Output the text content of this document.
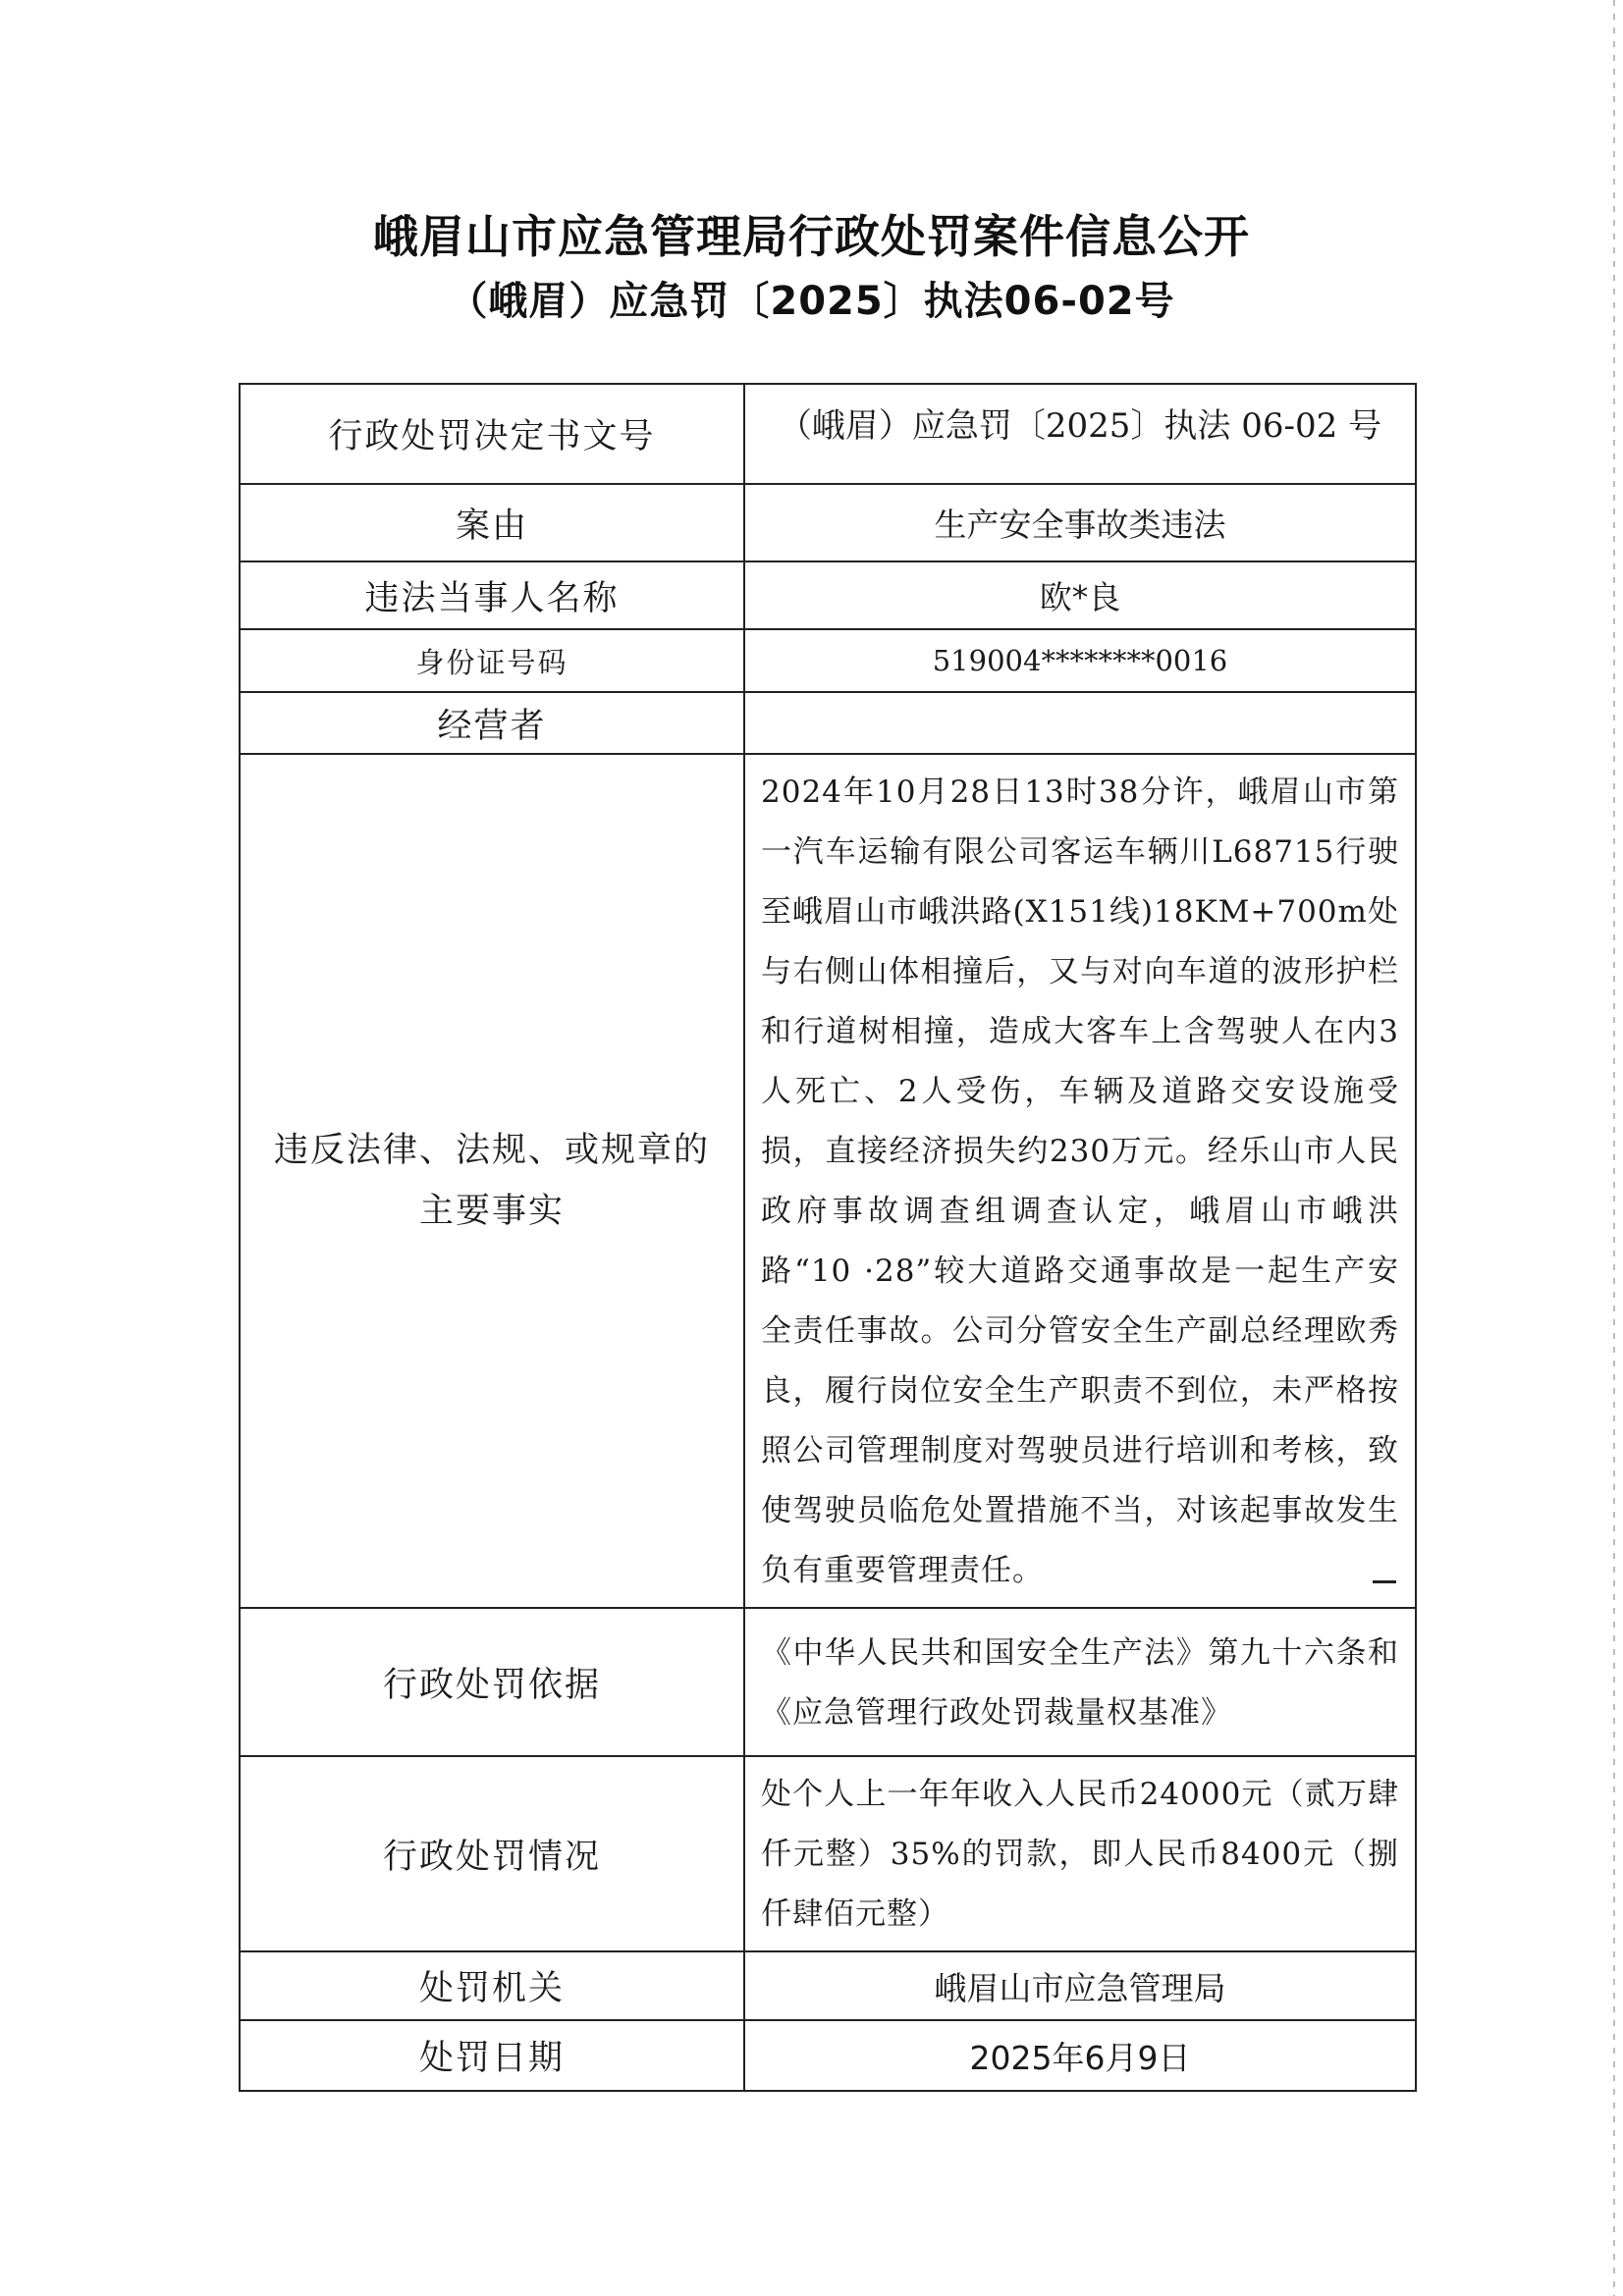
峨眉山市应急管理局行政处罚案件信息公开
（峨眉）应急罚〔2025〕执法06-02号
行政处罚决定书文号	（峨眉）应急罚〔2025〕执法 06-02 号
案由	生产安全事故类违法
违法当事人名称	欧*良
身份证号码	519004********0016
经营者	
违反法律、法规、或规章的主要事实	2024年10月28日13时38分许，峨眉山市第一汽车运输有限公司客运车辆川L68715行驶至峨眉山市峨洪路(X151线)18KM+700m处与右侧山体相撞后，又与对向车道的波形护栏和行道树相撞，造成大客车上含驾驶人在内3人死亡、2人受伤，车辆及道路交安设施受损，直接经济损失约230万元。经乐山市人民政府事故调查组调查认定，峨眉山市峨洪路“10 ·28”较大道路交通事故是一起生产安全责任事故。公司分管安全生产副总经理欧秀良，履行岗位安全生产职责不到位，未严格按照公司管理制度对驾驶员进行培训和考核，致使驾驶员临危处置措施不当，对该起事故发生负有重要管理责任。
行政处罚依据	《中华人民共和国安全生产法》第九十六条和《应急管理行政处罚裁量权基准》
行政处罚情况	处个人上一年年收入人民币24000元（贰万肆仟元整）35%的罚款，即人民币8400元（捌仟肆佰元整）
处罚机关	峨眉山市应急管理局
处罚日期	2025年6月9日
